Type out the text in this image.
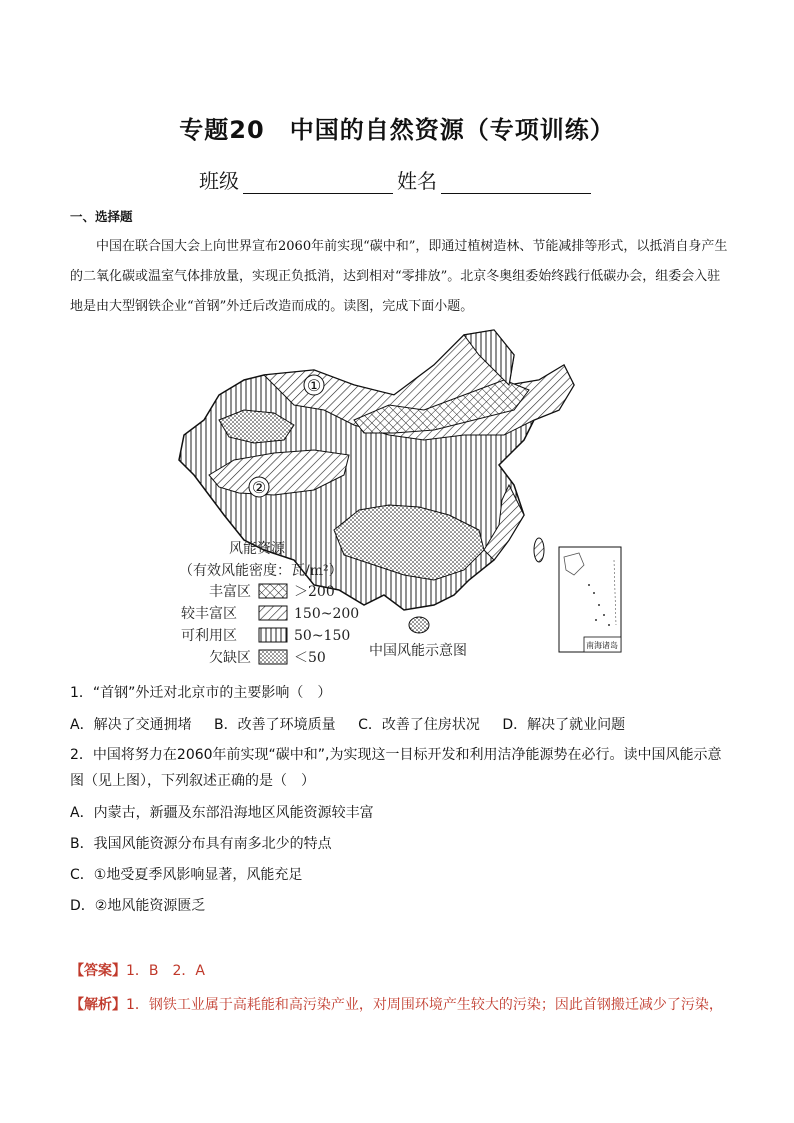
专题20　中国的自然资源（专项训练）
班级	姓名
一、选择题
中国在联合国大会上向世界宣布2060年前实现“碳中和”，即通过植树造林、节能减排等形式，以抵消自身产生的二氧化碳或温室气体排放量，实现正负抵消，达到相对“零排放”。北京冬奥组委始终践行低碳办会，组委会入驻地是由大型钢铁企业“首钢”外迁后改造而成的。读图，完成下面小题。
①
②
风能资源
（有效风能密度：瓦/m²）
丰富区	＞200
较丰富区	150~200
可利用区	50~150
欠缺区	＜50	中国风能示意图	南海诸岛
1．“首钢”外迁对北京市的主要影响（　）
A．解决了交通拥堵 B．改善了环境质量 C．改善了住房状况 D．解决了就业问题
2．中国将努力在2060年前实现“碳中和”,为实现这一目标开发和利用洁净能源势在必行。读中国风能示意图（见上图），下列叙述正确的是（　）
A．内蒙古，新疆及东部沿海地区风能资源较丰富
B．我国风能资源分布具有南多北少的特点
C．①地受夏季风影响显著，风能充足
D．②地风能资源匮乏
【答案】1．B　2．A
【解析】1．钢铁工业属于高耗能和高污染产业，对周围环境产生较大的污染；因此首钢搬迁减少了污染，
